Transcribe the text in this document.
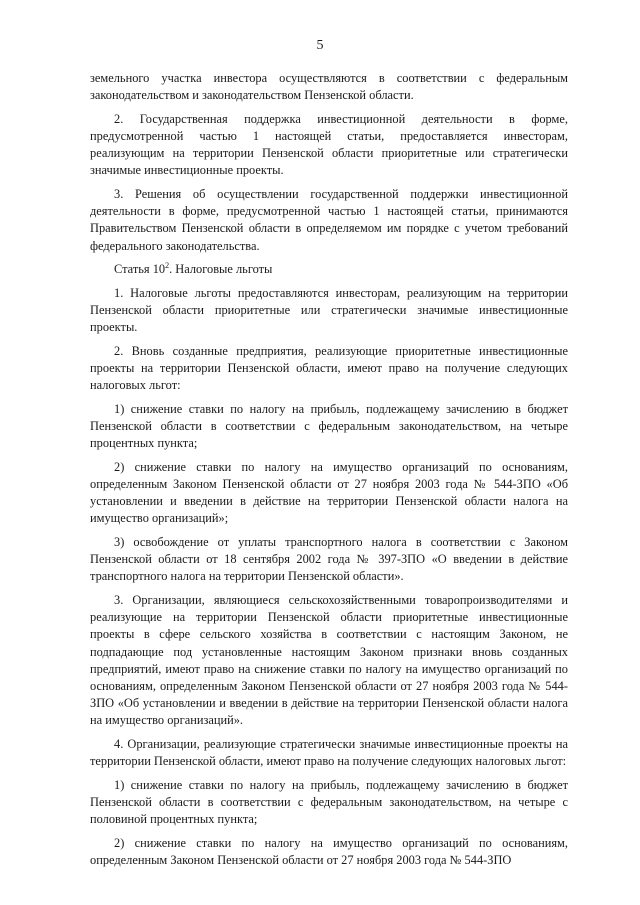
5

земельного участка инвестора осуществляются в соответствии с федеральным законодательством и законодательством Пензенской области.

2. Государственная поддержка инвестиционной деятельности в форме, предусмотренной частью 1 настоящей статьи, предоставляется инвесторам, реализующим на территории Пензенской области приоритетные или стратегически значимые инвестиционные проекты.

3. Решения об осуществлении государственной поддержки инвестиционной деятельности в форме, предусмотренной частью 1 настоящей статьи, принимаются Правительством Пензенской области в определяемом им порядке с учетом требований федерального законодательства.

Статья $10^2$. Налоговые льготы

1. Налоговые льготы предоставляются инвесторам, реализующим на территории Пензенской области приоритетные или стратегически значимые инвестиционные проекты.

2. Вновь созданные предприятия, реализующие приоритетные инвестиционные проекты на территории Пензенской области, имеют право на получение следующих налоговых льгот:

1) снижение ставки по налогу на прибыль, подлежащему зачислению в бюджет Пензенской области в соответствии с федеральным законодательством, на четыре процентных пункта;

2) снижение ставки по налогу на имущество организаций по основаниям, определенным Законом Пензенской области от 27 ноября 2003 года № 544-ЗПО «Об установлении и введении в действие на территории Пензенской области налога на имущество организаций»;

3) освобождение от уплаты транспортного налога в соответствии с Законом Пензенской области от 18 сентября 2002 года № 397-ЗПО «О введении в действие транспортного налога на территории Пензенской области».

3. Организации, являющиеся сельскохозяйственными товаропроизводителями и реализующие на территории Пензенской области приоритетные инвестиционные проекты в сфере сельского хозяйства в соответствии с настоящим Законом, не подпадающие под установленные настоящим Законом признаки вновь созданных предприятий, имеют право на снижение ставки по налогу на имущество организаций по основаниям, определенным Законом Пензенской области от 27 ноября 2003 года № 544-ЗПО «Об установлении и введении в действие на территории Пензенской области налога на имущество организаций».

4. Организации, реализующие стратегически значимые инвестиционные проекты на территории Пензенской области, имеют право на получение следующих налоговых льгот:

1) снижение ставки по налогу на прибыль, подлежащему зачислению в бюджет Пензенской области в соответствии с федеральным законодательством, на четыре с половиной процентных пункта;

2) снижение ставки по налогу на имущество организаций по основаниям, определенным Законом Пензенской области от 27 ноября 2003 года № 544-ЗПО
